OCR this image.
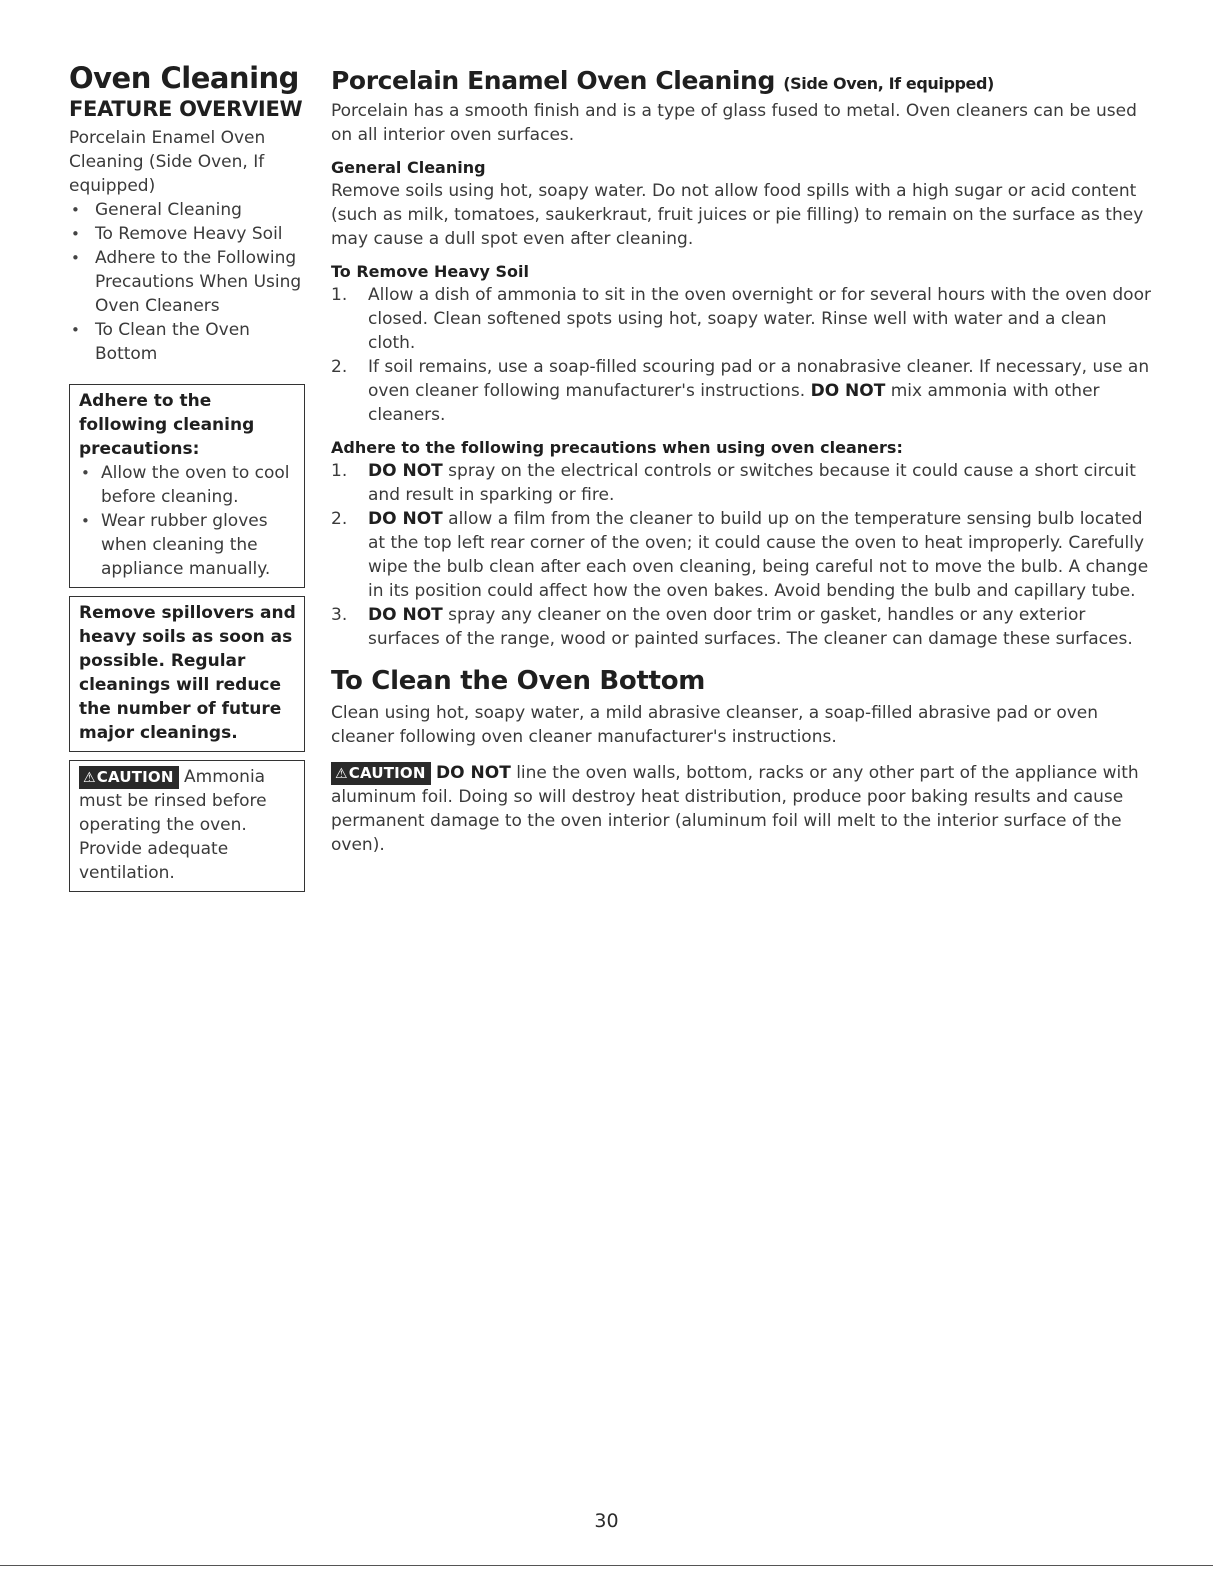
Oven Cleaning
FEATURE OVERVIEW

Porcelain Enamel Oven Cleaning (Side Oven, If equipped)

• General Cleaning
• To Remove Heavy Soil
• Adhere to the Following Precautions When Using Oven Cleaners
• To Clean the Oven Bottom

Adhere to the following cleaning precautions:

• Allow the oven to cool before cleaning.
• Wear rubber gloves when cleaning the appliance manually.

Remove spillovers and heavy soils as soon as possible. Regular cleanings will reduce the number of future major cleanings.

⚠CAUTION Ammonia must be rinsed before operating the oven. Provide adequate ventilation.

Porcelain Enamel Oven Cleaning (Side Oven, If equipped)

Porcelain has a smooth finish and is a type of glass fused to metal. Oven cleaners can be used on all interior oven surfaces.

General Cleaning

Remove soils using hot, soapy water. Do not allow food spills with a high sugar or acid content (such as milk, tomatoes, saukerkraut, fruit juices or pie filling) to remain on the surface as they may cause a dull spot even after cleaning.

To Remove Heavy Soil
1. Allow a dish of ammonia to sit in the oven overnight or for several hours with the oven door closed. Clean softened spots using hot, soapy water. Rinse well with water and a clean cloth.
2. If soil remains, use a soap-filled scouring pad or a nonabrasive cleaner. If necessary, use an oven cleaner following manufacturer's instructions. DO NOT mix ammonia with other cleaners.
Adhere to the following precautions when using oven cleaners:
1. DO NOT spray on the electrical controls or switches because it could cause a short circuit and result in sparking or fire.
2. DO NOT allow a film from the cleaner to build up on the temperature sensing bulb located at the top left rear corner of the oven; it could cause the oven to heat improperly. Carefully wipe the bulb clean after each oven cleaning, being careful not to move the bulb. A change in its position could affect how the oven bakes. Avoid bending the bulb and capillary tube.
3. DO NOT spray any cleaner on the oven door trim or gasket, handles or any exterior surfaces of the range, wood or painted surfaces. The cleaner can damage these surfaces.
To Clean the Oven Bottom

Clean using hot, soapy water, a mild abrasive cleanser, a soap-filled abrasive pad or oven cleaner following oven cleaner manufacturer's instructions.

⚠CAUTION DO NOT line the oven walls, bottom, racks or any other part of the appliance with aluminum foil. Doing so will destroy heat distribution, produce poor baking results and cause permanent damage to the oven interior (aluminum foil will melt to the interior surface of the oven).

30
